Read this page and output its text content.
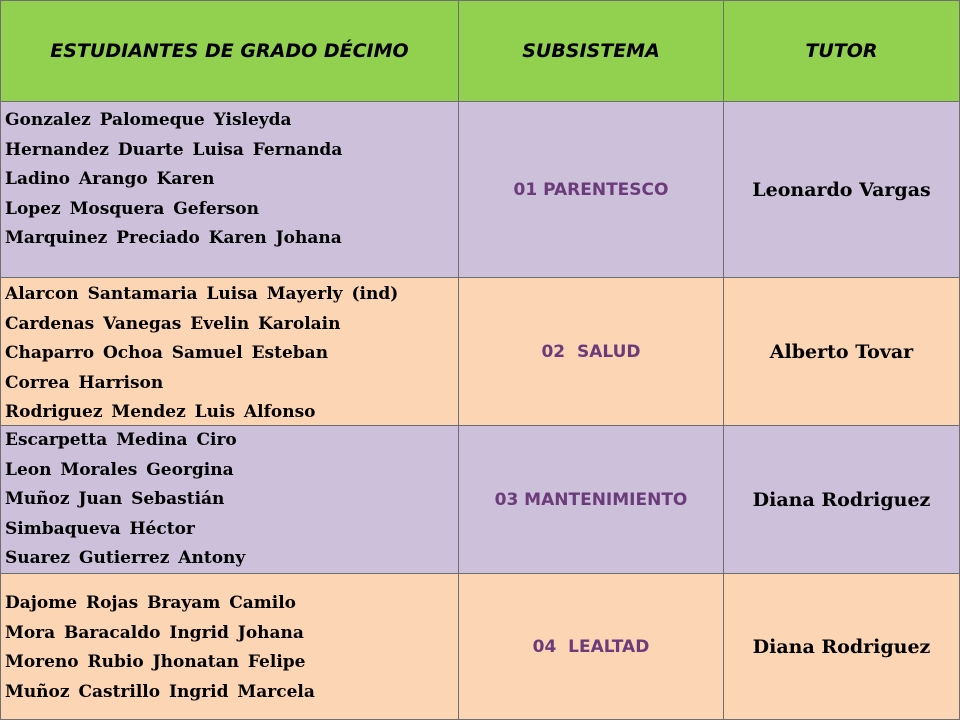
ESTUDIANTES DE GRADO DÉCIMO	SUBSISTEMA	TUTOR
Gonzalez Palomeque Yisleyda
Hernandez Duarte Luisa Fernanda
Ladino Arango Karen
Lopez Mosquera Geferson
Marquinez Preciado Karen Johana
01 PARENTESCO	Leonardo Vargas
Alarcon Santamaria Luisa Mayerly (ind)
Cardenas Vanegas Evelin Karolain
Chaparro Ochoa Samuel Esteban
Correa Harrison
Rodriguez Mendez Luis Alfonso
02  SALUD	Alberto Tovar
Escarpetta Medina Ciro
Leon Morales Georgina
Muñoz Juan Sebastián
Simbaqueva Héctor
Suarez Gutierrez Antony
03 MANTENIMIENTO	Diana Rodriguez
Dajome Rojas Brayam Camilo
Mora Baracaldo Ingrid Johana
Moreno Rubio Jhonatan Felipe
Muñoz Castrillo Ingrid Marcela
04  LEALTAD	Diana Rodriguez
